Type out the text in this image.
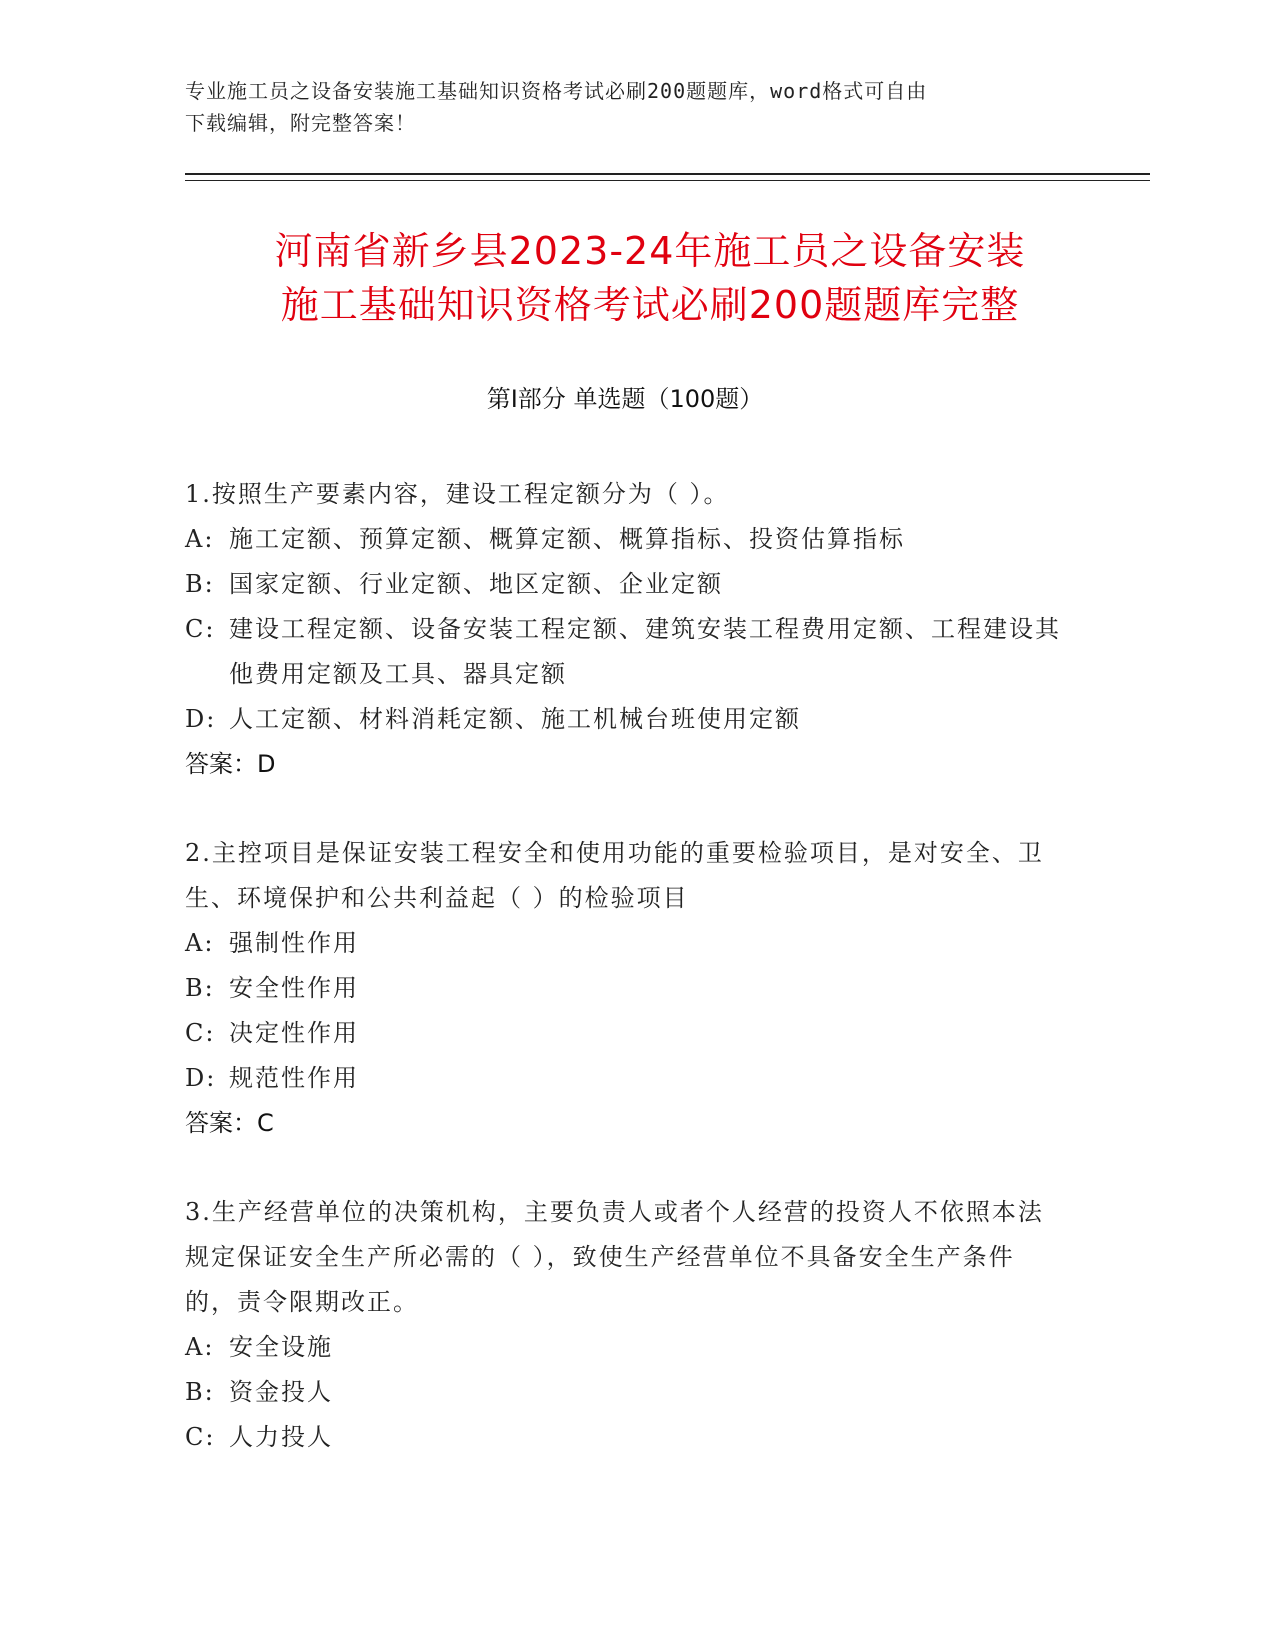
专业施工员之设备安装施工基础知识资格考试必刷200题题库，word格式可自由
下载编辑，附完整答案！
河南省新乡县2023-24年施工员之设备安装
施工基础知识资格考试必刷200题题库完整
第Ⅰ部分 单选题（100题）
1.按照生产要素内容，建设工程定额分为（ ）。
A: 施工定额、预算定额、概算定额、概算指标、投资估算指标
B: 国家定额、行业定额、地区定额、企业定额
C: 建设工程定额、设备安装工程定额、建筑安装工程费用定额、工程建设其他费用定额及工具、器具定额
D: 人工定额、材料消耗定额、施工机械台班使用定额
答案：D
2.主控项目是保证安装工程安全和使用功能的重要检验项目，是对安全、卫生、环境保护和公共利益起（ ）的检验项目
A: 强制性作用
B: 安全性作用
C: 决定性作用
D: 规范性作用
答案：C
3.生产经营单位的决策机构，主要负责人或者个人经营的投资人不依照本法规定保证安全生产所必需的（ ），致使生产经营单位不具备安全生产条件的，责令限期改正。
A: 安全设施
B: 资金投人
C: 人力投人
